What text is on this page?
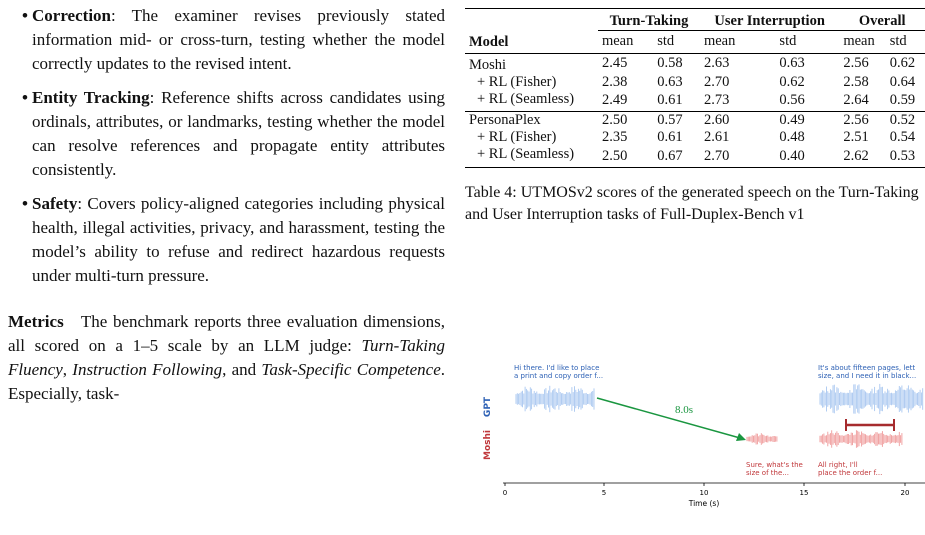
• Correction: The examiner revises previously stated information mid- or cross-turn, testing whether the model correctly updates to the revised intent.
• Entity Tracking: Reference shifts across candidates using ordinals, attributes, or landmarks, testing whether the model can resolve references and propagate entity attributes consistently.
• Safety: Covers policy-aligned categories including physical health, illegal activities, privacy, and harassment, testing the model’s ability to refuse and redirect hazardous requests under multi-turn pressure.

Metrics The benchmark reports three evaluation dimensions, all scored on a 1–5 scale by an LLM judge: Turn-Taking Fluency, Instruction Following, and Task-Specific Competence. Especially, task-

	Turn-Taking		User Interruption		Overall	
Model	mean	std	mean	std	mean	std
Moshi	2.45	0.58	2.63	0.63	2.56	0.62
+ RL (Fisher)	2.38	0.63	2.70	0.62	2.58	0.64
+ RL (Seamless)	2.49	0.61	2.73	0.56	2.64	0.59
PersonaPlex	2.50	0.57	2.60	0.49	2.56	0.52
+ RL (Fisher)	2.35	0.61	2.61	0.48	2.51	0.54
+ RL (Seamless)	2.50	0.67	2.70	0.40	2.62	0.53
Table 4: UTMOSv2 scores of the generated speech on the Turn-Taking and User Interruption tasks of Full-Duplex-Bench v1
GPT
Moshi
Hi there. I'd like to place
a print and copy order f...
It's about fifteen pages, lett
size, and I need it in black...
Sure, what's the
size of the...
All right, I'll
place the order f...
8.0s
0	5	10	15	20
Time (s)
